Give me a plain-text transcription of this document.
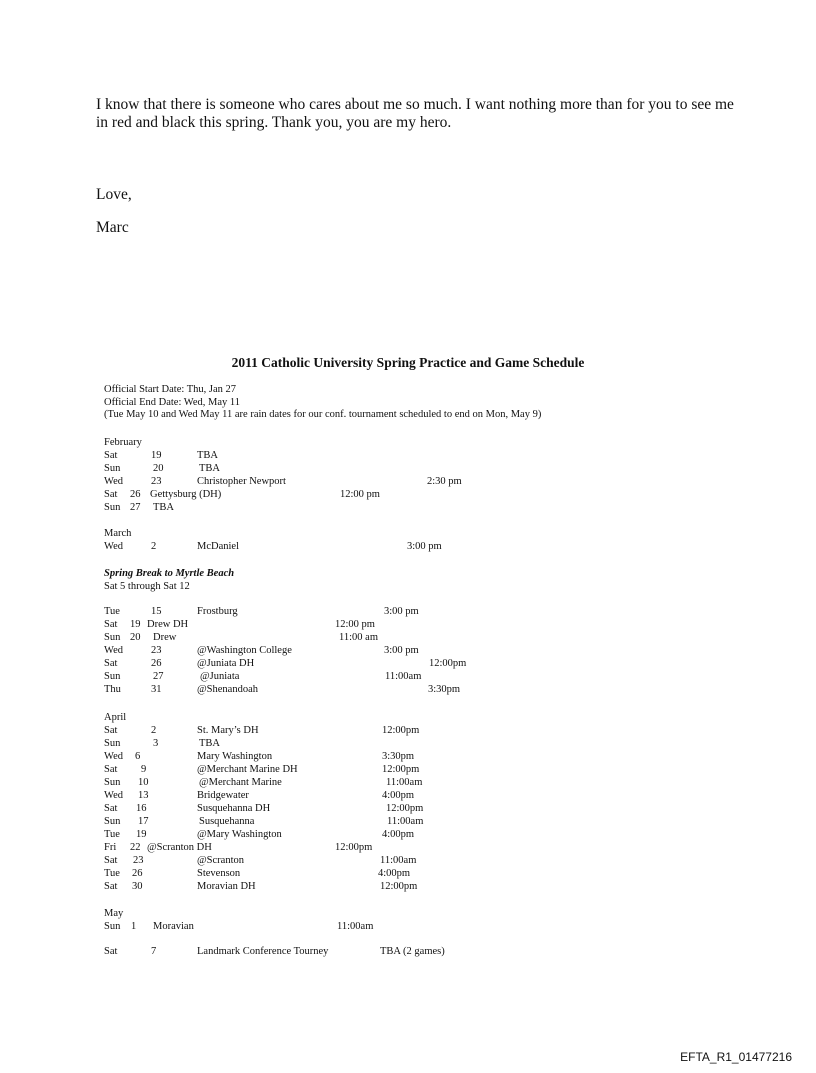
I know that there is someone who cares about me so much. I want nothing more than for you to see me in red and black this spring. Thank you, you are my hero.

Love,
Marc
2011 Catholic University Spring Practice and Game Schedule
Official Start Date: Thu, Jan 27
Official End Date: Wed, May 11
(Tue May 10 and Wed May 11 are rain dates for our conf. tournament scheduled to end on Mon, May 9)
February
Sat	19	TBA
Sun	20	TBA
Wed	23	Christopher Newport	2:30 pm
Sat 26 Gettysburg (DH)	12:00 pm
Sun 27 TBA
March
Wed	2	McDaniel	3:00 pm
Spring Break to Myrtle Beach
Sat 5 through Sat 12
Tue	15	Frostburg	3:00 pm
Sat 19 Drew DH	12:00 pm
Sun 20 Drew	11:00 am
Wed	23	@Washington College	3:00 pm
Sat	26	@Juniata DH	12:00pm
Sun	27	@Juniata	11:00am
Thu	31	@Shenandoah	3:30pm
April
Sat	2	St. Mary’s DH	12:00pm
Sun	3	TBA
Wed 6	Mary Washington	3:30pm
Sat 9	@Merchant Marine DH	12:00pm
Sun 10	@Merchant Marine	11:00am
Wed 13	Bridgewater	4:00pm
Sat 16	Susquehanna DH	12:00pm
Sun 17	Susquehanna	11:00am
Tue 19	@Mary Washington	4:00pm
Fri 22 @Scranton DH	12:00pm
Sat 23	@Scranton	11:00am
Tue 26	Stevenson	4:00pm
Sat 30	Moravian DH	12:00pm
May
Sun 1 Moravian	11:00am
Sat	7	Landmark Conference Tourney	TBA (2 games)
EFTA_R1_01477216
